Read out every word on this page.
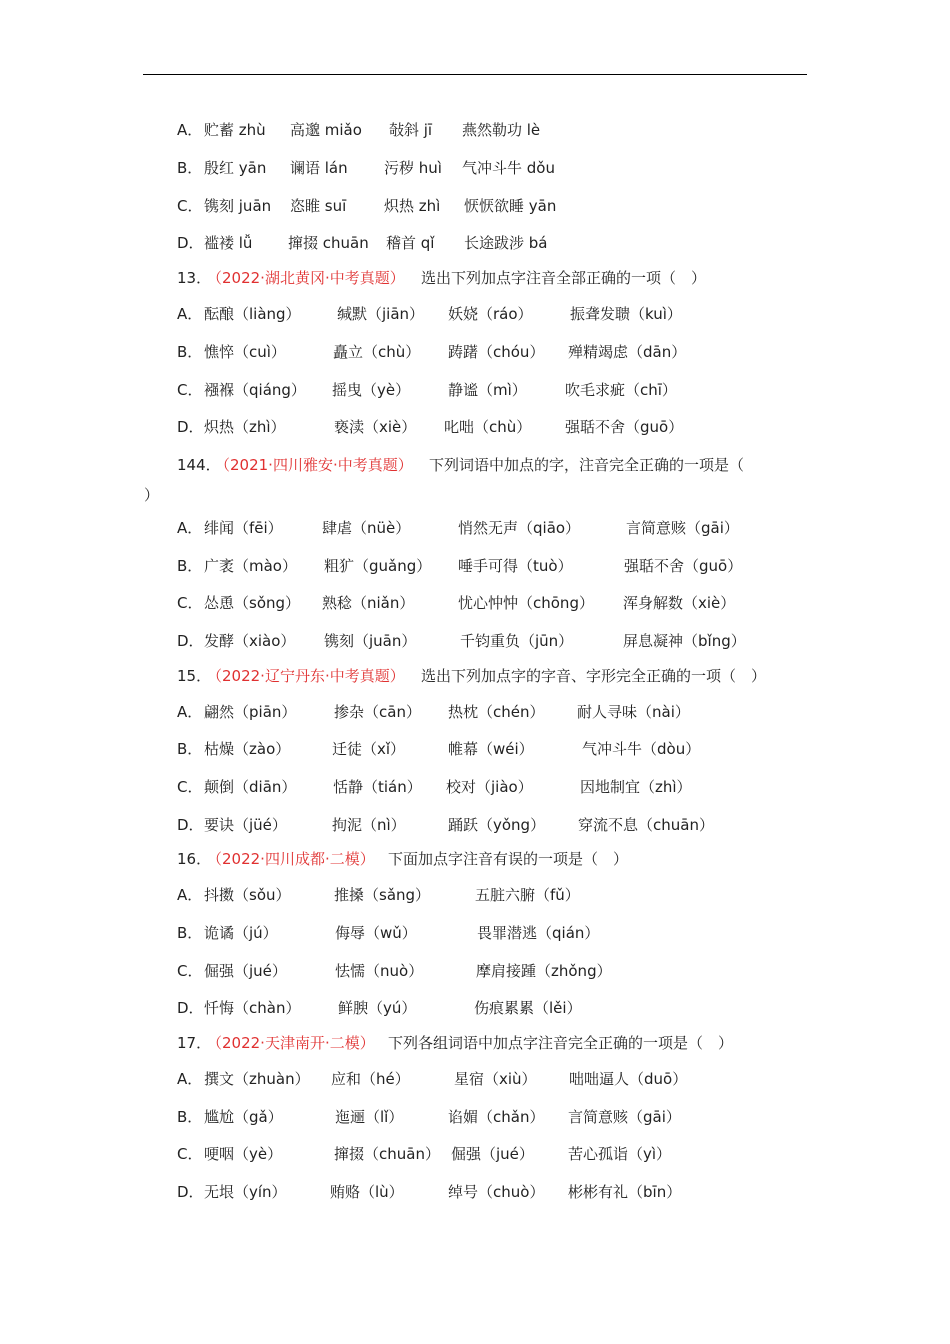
A． 贮蓄 zhù 高邈 miǎo 敧斜 jī 燕然勒功 lè
B． 殷红 yān 谰语 lán 污秽 huì 气冲斗牛 dǒu
C． 镌刻 juān 恣睢 suī	炽热 zhì 恹恹欲睡 yān
D． 褴褛 lǚ 撺掇 chuān 稽首 qǐ 长途跋涉 bá
13．
（2022·湖北黄冈·中考真题） 选出下列加点字注音全部正确的一项（　）
A． 酝酿（liàng） 缄默（jiān） 妖娆（ráo） 振聋发聩（kuì）
B． 憔悴（cuì）	矗立（chù） 踌躇（chóu） 殚精竭虑（dān）
C． 襁褓（qiáng） 摇曳（yè）	静谧（mì）	吹毛求疵（chī）
D． 炽热（zhì）	亵渎（xiè） 叱咄（chù） 强聒不舍（guō）
144．
（2021·四川雅安·中考真题） 下列词语中加点的字，注音完全正确的一项是（
）
A． 绯闻（fēi）	肆虐（nüè）	悄然无声（qiāo）	言简意赅（gāi）
B． 广袤（mào） 粗犷（guǎng） 唾手可得（tuò）	强聒不舍（guō）
C． 怂恿（sǒng） 熟稔（niǎn）	忧心忡忡（chōng） 浑身解数（xiè）
D． 发酵（xiào） 镌刻（juān）	千钧重负（jūn）	屏息凝神（bǐng）
15．
（2022·辽宁丹东·中考真题） 选出下列加点字的字音、字形完全正确的一项（　）
A． 翩然（piān）	掺杂（cān） 热枕（chén） 耐人寻味（nài）
B． 枯燥（zào）	迁徒（xǐ）	帷幕（wéi）	气冲斗牛（dòu）
C． 颠倒（diān） 恬静（tián） 校对（jiào）	因地制宜（zhì）
D． 要诀（jüé）	拘泥（nì）	踊跃（yǒng） 穿流不息（chuān）
16．
（2022·四川成都·二模） 下面加点字注音有误的一项是（　）
A． 抖擞（sǒu）	推搡（sǎng）	五脏六腑（fǔ）
B． 诡谲（jú）	侮辱（wǔ）	畏罪潜逃（qián）
C． 倔强（jué）	怯懦（nuò）	摩肩接踵（zhǒng）
D． 忏悔（chàn）	鲜腴（yú）	伤痕累累（lěi）
17．
（2022·天津南开·二模） 下列各组词语中加点字注音完全正确的一项是（　）
A． 撰文（zhuàn） 应和（hé）	星宿（xiù） 咄咄逼人（duō）
B． 尴尬（gǎ）	迤逦（lǐ）	谄媚（chǎn） 言简意赅（gāi）
C． 哽咽（yè）	撺掇（chuān） 倔强（jué） 苦心孤诣（yì）
D． 无垠（yín）	贿赂（lù）	绰号（chuò） 彬彬有礼（bīn）
